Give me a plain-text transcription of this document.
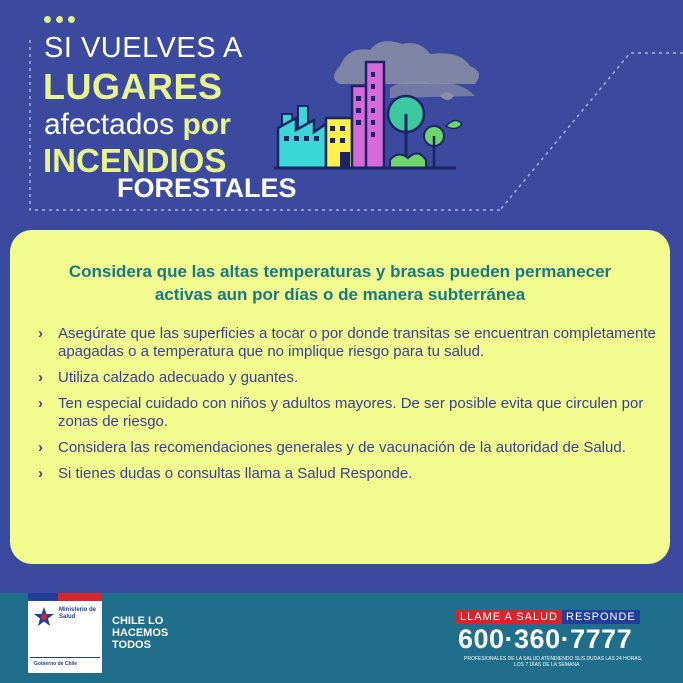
SI VUELVES A
LUGARES
afectados por
INCENDIOS
FORESTALES
Considera que las altas temperaturas y brasas pueden permanecer activas aun por días o de manera subterránea
› Asegúrate que las superficies a tocar o por donde transitas se encuentran completamente apagadas o a temperatura que no implique riesgo para tu salud.
› Utiliza calzado adecuado y guantes.
› Ten especial cuidado con niños y adultos mayores. De ser posible evita que circulen por zonas de riesgo.
› Considera las recomendaciones generales y de vacunación de la autoridad de Salud.
› Si tienes dudas o consultas llama a Salud Responde.
Ministerio de Salud
Gobierno de Chile
CHILE LO HACEMOS TODOS
LLAME A SALUD RESPONDE
600·360·7777
PROFESIONALES DE LA SALUD ATENDIENDO SUS DUDAS LAS 24 HORAS,
LOS 7 DÍAS DE LA SEMANA
